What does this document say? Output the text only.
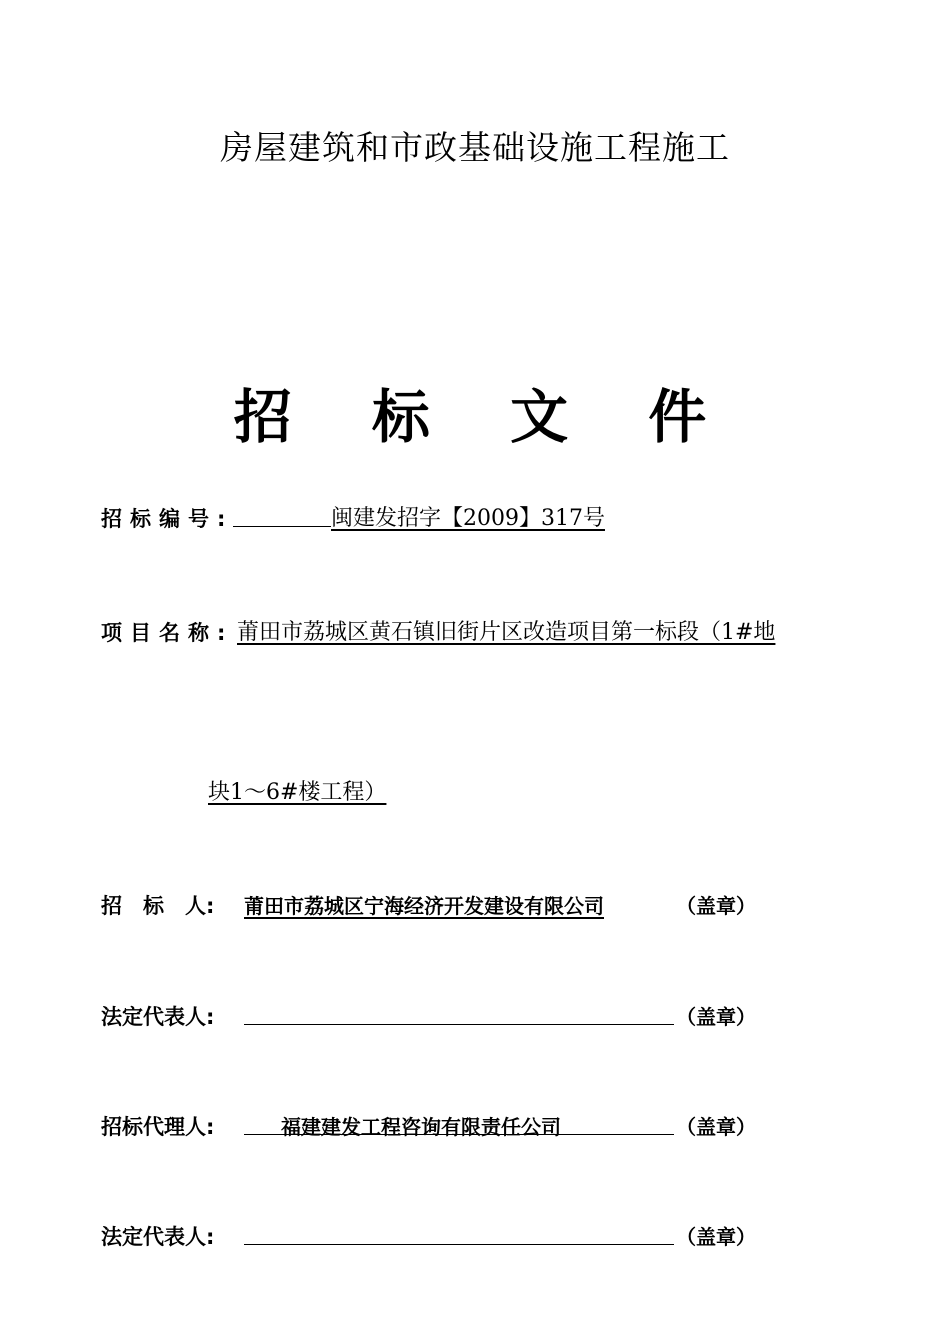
房屋建筑和市政基础设施工程施工
招 标 文 件
招标编号:	闽建发招字【2009】317号
项目名称: 莆田市荔城区黄石镇旧街片区改造项目第一标段（1#地
块1～6#楼工程）
招　标　人: 莆田市荔城区宁海经济开发建设有限公司	（盖章）
法定代表人:	（盖章）
招标代理人:	福建建发工程咨询有限责任公司	（盖章）
法定代表人:	（盖章）
